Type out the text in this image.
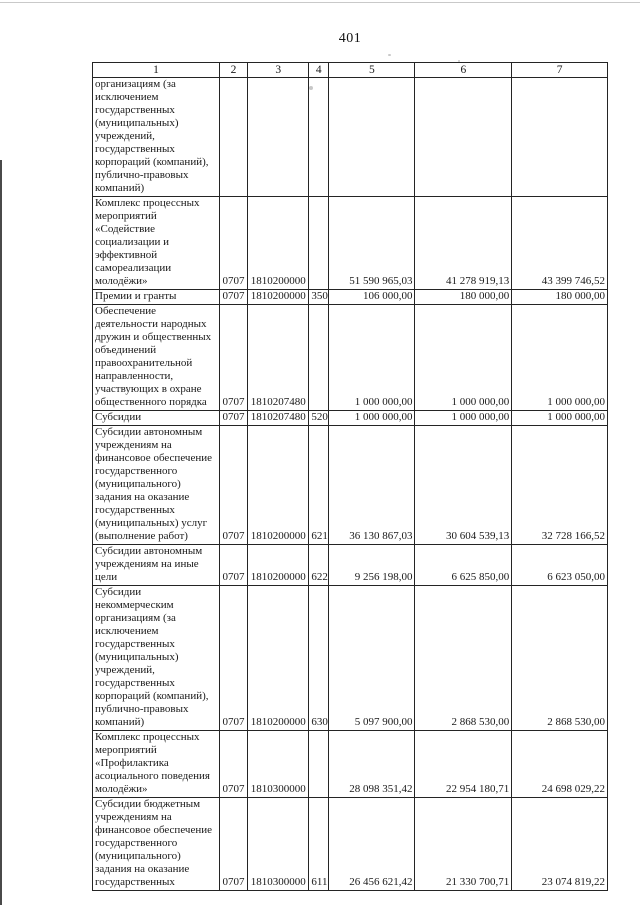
401
1	2	3	4	5	6	7
организациям (за исключением государственных (муниципальных) учреждений, государственных корпораций (компаний), публично-правовых компаний)						
Комплекс процессных мероприятий «Содействие социализации и эффективной самореализации молодёжи»	0707	1810200000		51 590 965,03	41 278 919,13	43 399 746,52
Премии и гранты	0707	1810200000	350	106 000,00	180 000,00	180 000,00
Обеспечение деятельности народных дружин и общественных объединений правоохранительной направленности, участвующих в охране общественного порядка	0707	1810207480		1 000 000,00	1 000 000,00	1 000 000,00
Субсидии	0707	1810207480	520	1 000 000,00	1 000 000,00	1 000 000,00
Субсидии автономным учреждениям на финансовое обеспечение государственного (муниципального) задания на оказание государственных (муниципальных) услуг (выполнение работ)	0707	1810200000	621	36 130 867,03	30 604 539,13	32 728 166,52
Субсидии автономным учреждениям на иные цели	0707	1810200000	622	9 256 198,00	6 625 850,00	6 623 050,00
Субсидии некоммерческим организациям (за исключением государственных (муниципальных) учреждений, государственных корпораций (компаний), публично-правовых компаний)	0707	1810200000	630	5 097 900,00	2 868 530,00	2 868 530,00
Комплекс процессных мероприятий «Профилактика асоциального поведения молодёжи»	0707	1810300000		28 098 351,42	22 954 180,71	24 698 029,22
Субсидии бюджетным учреждениям на финансовое обеспечение государственного (муниципального) задания на оказание государственных	0707	1810300000	611	26 456 621,42	21 330 700,71	23 074 819,22
